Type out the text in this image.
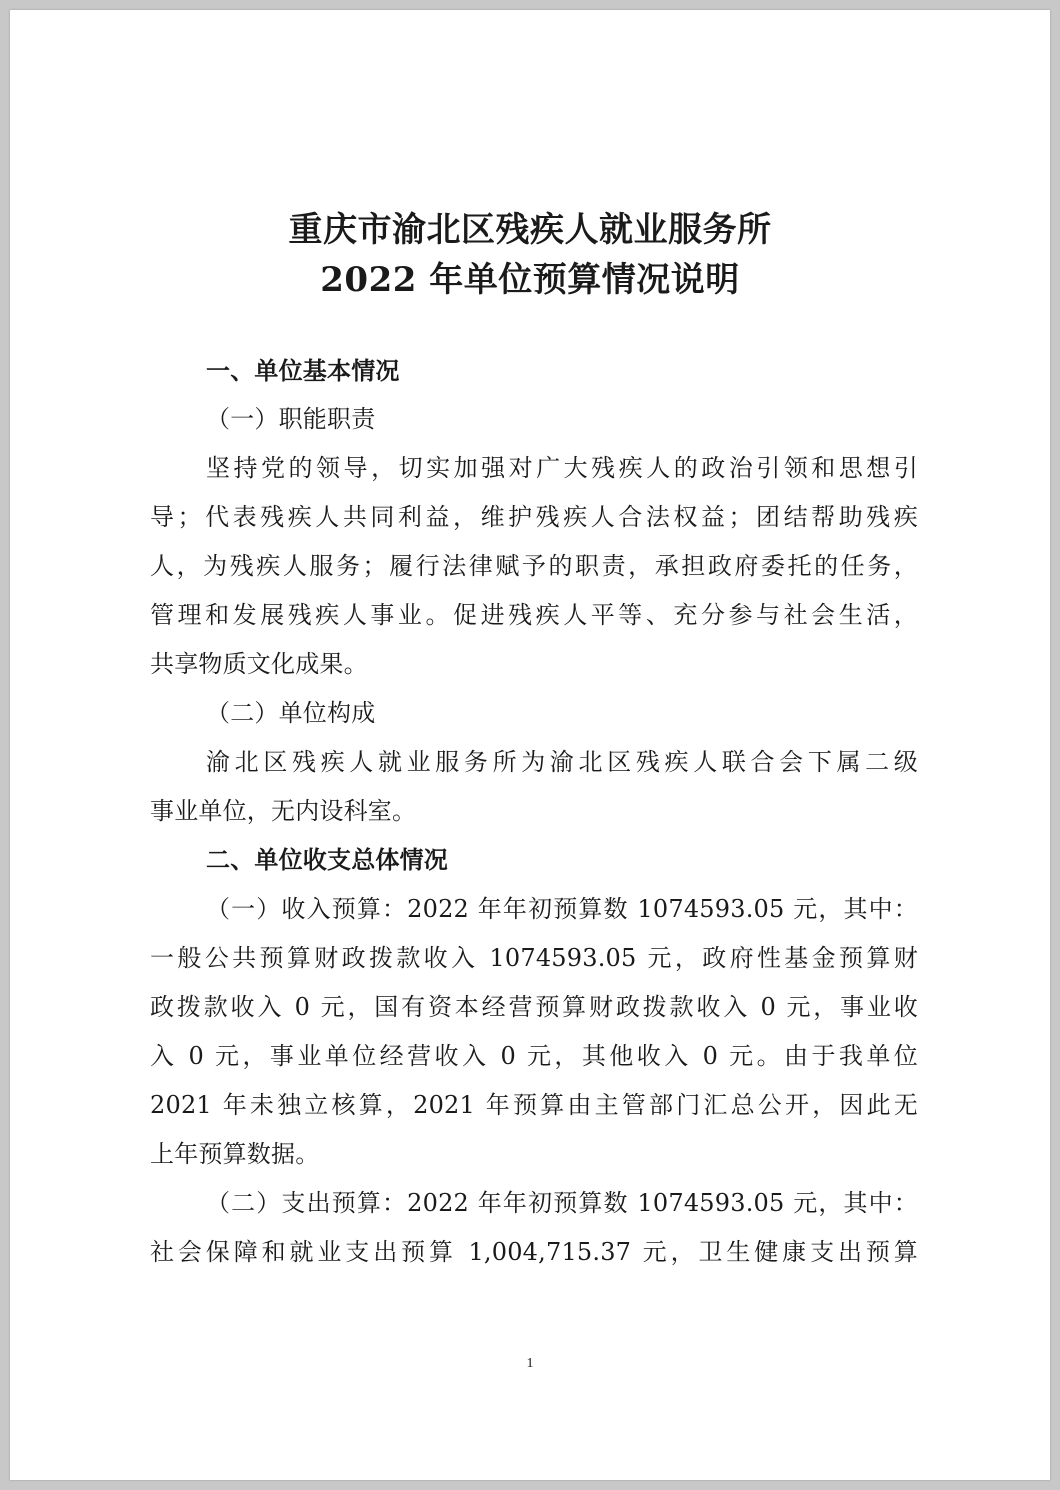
重庆市渝北区残疾人就业服务所
2022 年单位预算情况说明
一、单位基本情况
（一）职能职责
坚持党的领导，切实加强对广大残疾人的政治引领和思想引
导；代表残疾人共同利益，维护残疾人合法权益；团结帮助残疾
人，为残疾人服务；履行法律赋予的职责，承担政府委托的任务，
管理和发展残疾人事业。促进残疾人平等、充分参与社会生活，
共享物质文化成果。
（二）单位构成
渝北区残疾人就业服务所为渝北区残疾人联合会下属二级
事业单位，无内设科室。
二、单位收支总体情况
（一）收入预算：2022 年年初预算数 1074593.05 元，其中：
一般公共预算财政拨款收入 1074593.05 元，政府性基金预算财
政拨款收入 0 元，国有资本经营预算财政拨款收入 0 元，事业收
入 0 元，事业单位经营收入 0 元，其他收入 0 元。由于我单位
2021 年未独立核算，2021 年预算由主管部门汇总公开，因此无
上年预算数据。
（二）支出预算：2022 年年初预算数 1074593.05 元，其中：
社会保障和就业支出预算 1,004,715.37 元，卫生健康支出预算
1
